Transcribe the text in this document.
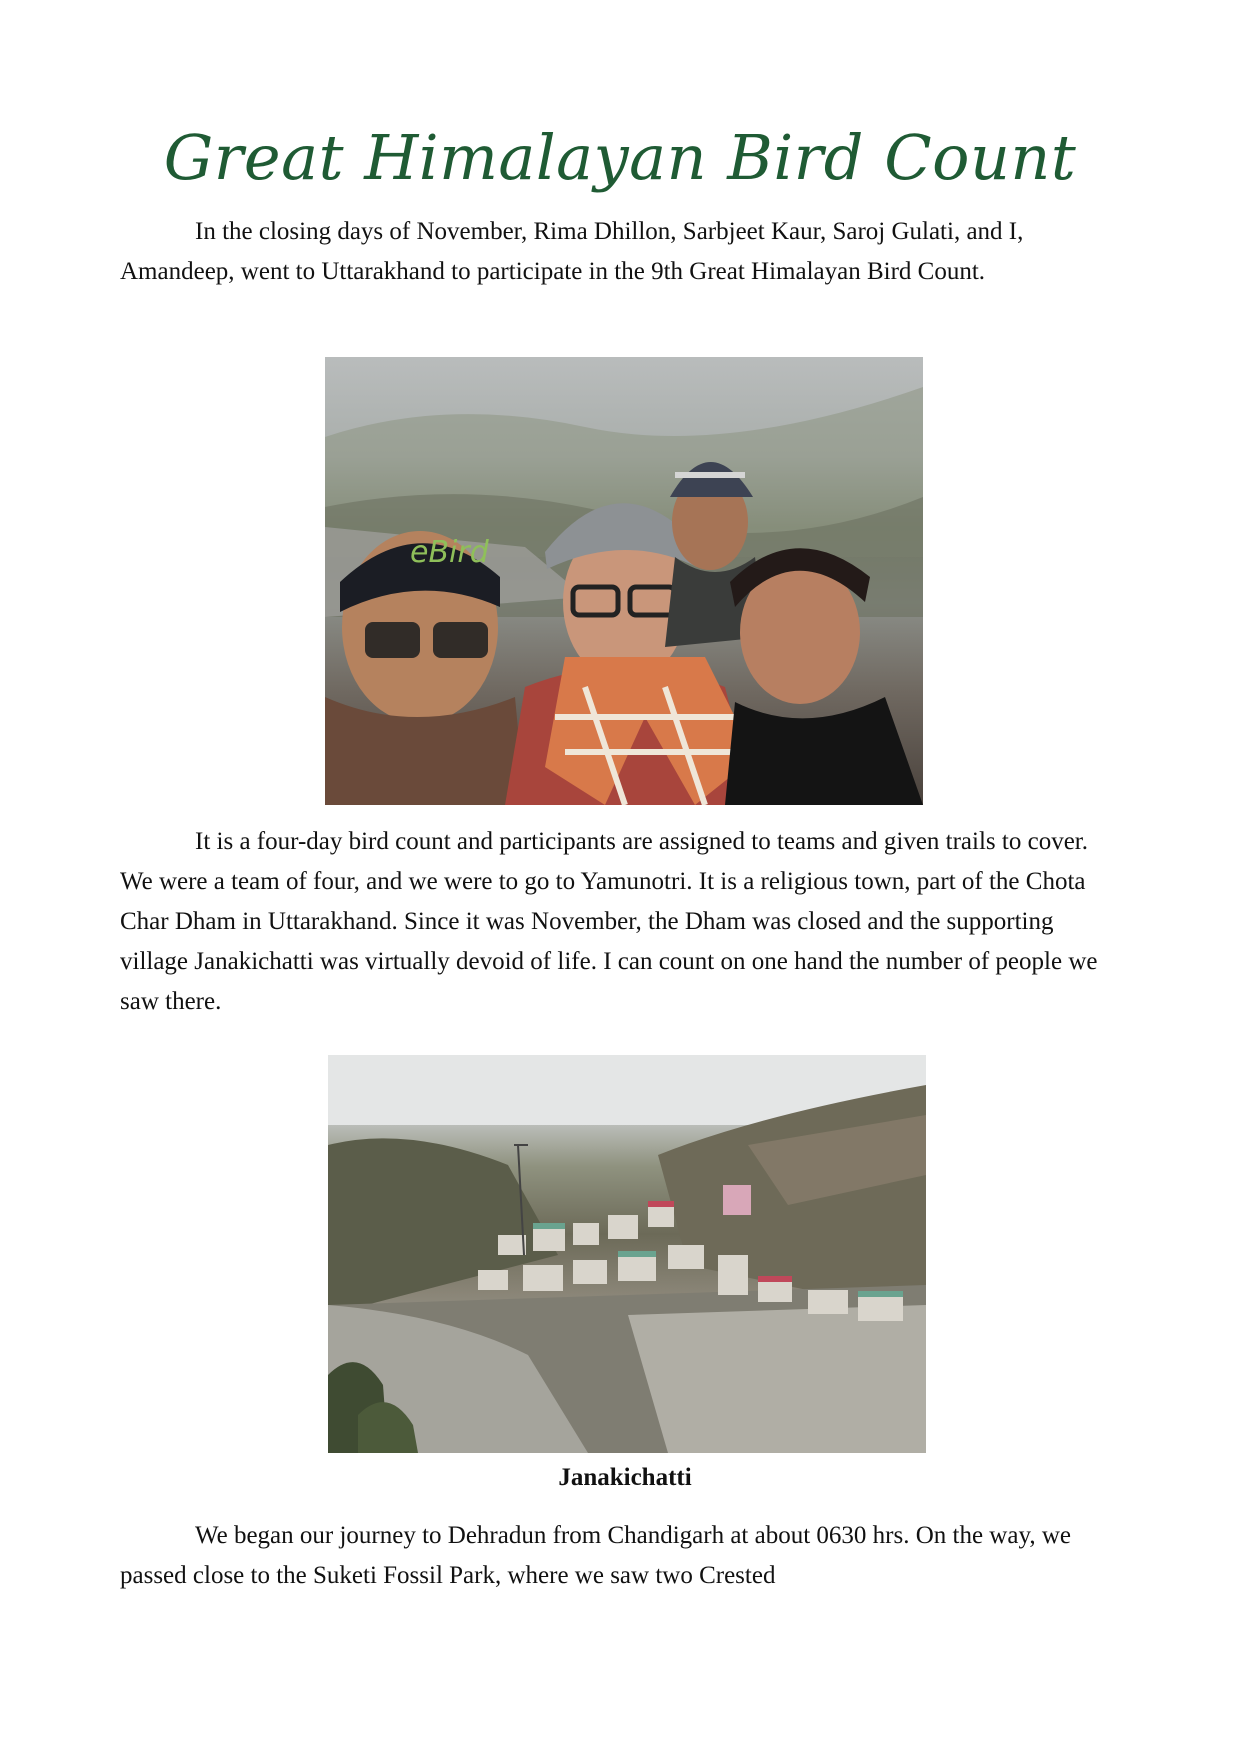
Great Himalayan Bird Count

In the closing days of November, Rima Dhillon, Sarbjeet Kaur, Saroj Gulati, and I, Amandeep, went to Uttarakhand to participate in the 9th Great Himalayan Bird Count.

eBird

It is a four-day bird count and participants are assigned to teams and given trails to cover. We were a team of four, and we were to go to Yamunotri. It is a religious town, part of the Chota Char Dham in Uttarakhand. Since it was November, the Dham was closed and the supporting village Janakichatti was virtually devoid of life. I can count on one hand the number of people we saw there.

Janakichatti

We began our journey to Dehradun from Chandigarh at about 0630 hrs. On the way, we passed close to the Suketi Fossil Park, where we saw two Crested
